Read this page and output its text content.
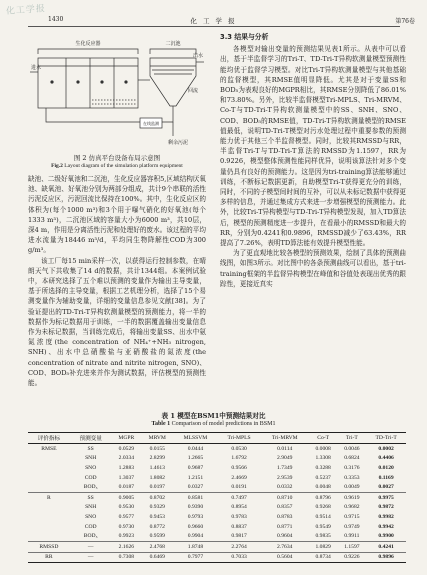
化工学报
1430	化 工 学 报	第76卷
生化反应器	二沉池
进水
回流
在线监测
出水
剩余污泥
图 2 仿真平台设备布局示意图
Fig.2 Layout diagram of the simulation platform equipment

缺池、二级好氧池和二沉池，生化反应器容积5,区域结构厌氧池、缺氧池、好氧池分别为两部分组成，共计9个串联的活性污泥反应区，污泥回流比保持在100%。其中，生化反应区的体积为(每个1000 m³)和3个用于曝气硝化的好氧池(每个1333 m³)，二沉池区域的容量大小为6000 m³，共10层，深4 m，作用是分离活性污泥和处理好的废水。该过程的平均进水流量为18446 m³/d，平均同生物降解性COD为300 g/m³。

该工厂每15 min采样一次，以获得运行控制参数，在晴朗天气下共收集了14 d的数据，共计1344组。本案例试验中，本研究选择了五个难以预测的变量作为输出主导变量，基于所选择的主导变量，根据工艺机理分析，选择了15个易测变量作为辅助变量，详细的变量信息参见文献[38]。为了验证提出的TD-Tri-T异构软测量模型的预测能力，将一半的数据作为标记数据用于训练，一半的数据覆盖输出变量信息作为未标记数据，当训练完成后，将输出变量SS、出水中氨氮浓度(the concentration of NH₄⁺+NH₃ nitrogen, SNH)、出水中总硝酸盐与亚硝酸盐的氮浓度(the concentration of nitrate and nitrite nitrogen, SNO)、COD、BOD₅补充进来并作为测试数据，评估模型的预测性能。

3.3 结果与分析

各模型对输出变量的预测结果见表1所示。从表中可以看出，基于半监督学习的Tri-T、TD-Tri-T异构软测量模型预测性能均优于监督学习模型。对比Tri-T异构软测量模型与其他基础的监督模型，其RMSE值明显降低。尤其是对于变量SS和BOD₅为表观良好的MGPR相比，其RMSE分别降低了86.01%和73.80%。另外，比较半监督模型Tri-MPLS、Tri-MRVM、Co-T与TD-Tri-T异构软测量模型中的SS、SNH、SNO、COD、BOD₅的RMSE值，TD-Tri-T异构软测量模型的RMSE值最低，说明TD-Tri-T模型对污水处理过程中重要参数的预测能力优于其他三个半监督模型。同时，比较其RMSSD与RR，半监督Tri-T与TD-Tri-T算法的RMSSD为1.1597，RR为0.9226，模型整体预测性能同样优异，说明该算法针对多个变量仍具有良好的预测能力。这是因为tri-training算法能够通过训练，不断标记数据更新，自助模型Tri-T获得更充分的训练，同时，不同的子模型间时间的互补，可以从未标记数据中获得更多样的信息，并通过集成方式来进一步增强模型的预测能力。此外，比较Tri-T异构模型与TD-Tri-T异构模型发现，加入TD算法后，模型的预测精度进一步提升，在看最小的RMSSD和最大的RR，分别为0.4241和0.9896，RMSSD减少了63.43%，RR提高了7.26%，表明TD算法能有效提升模型性能。

为了更直观地比较各模型的预测效果，绘制了具体的预测曲线图，如图3所示。对比图中的各条预测曲线可以看出，基于tri-training框架的半监督异构模型在峰值和谷值处表现出优秀的跟踪性，更接近真实

表 1 模型在BSM1中预测结果对比
Table 1 Comparison of model predictions in BSM1
评价指标	预测变量	MGPR	MRVM	MLSSVM	Tri-MPLS	Tri-MRVM	Co-T	Tri-T	TD-Tri-T
RMSE	SS	0.0529	0.0155	0.0444	0.0530	0.0114	0.0008	0.0046	0.0002
	SNH	2.0334	2.8299	1.2665	1.6792	2.9049	1.3308	0.6824	0.4406
	SNO	1.2883	1.4613	0.9687	0.9566	1.7349	0.3288	0.3176	0.0120
	COD	1.3037	1.8082	1.2151	2.4669	2.9539	0.5237	0.3353	0.1169
	BOD₅	0.0187	0.0197	0.0327	0.0191	0.0332	0.0048	0.0049	0.0027
R	SS	0.9005	0.8702	0.8581	0.7497	0.8710	0.8796	0.9619	0.9975
	SNH	0.9530	0.9329	0.9390	0.8954	0.8357	0.9268	0.9682	0.9872
	SNO	0.9577	0.9453	0.9793	0.9783	0.8783	0.9514	0.9715	0.9982
	COD	0.9730	0.8772	0.9660	0.8837	0.8771	0.9549	0.9749	0.9942
	BOD₅	0.9923	0.9599	0.9904	0.9817	0.9604	0.9835	0.9911	0.9900
RMSSD	—	2.1626	2.4768	1.8748	2.2764	2.7634	1.0829	1.1597	0.4241
RR	—	0.7308	0.6469	0.7977	0.7033	0.5604	0.8734	0.9226	0.9896
